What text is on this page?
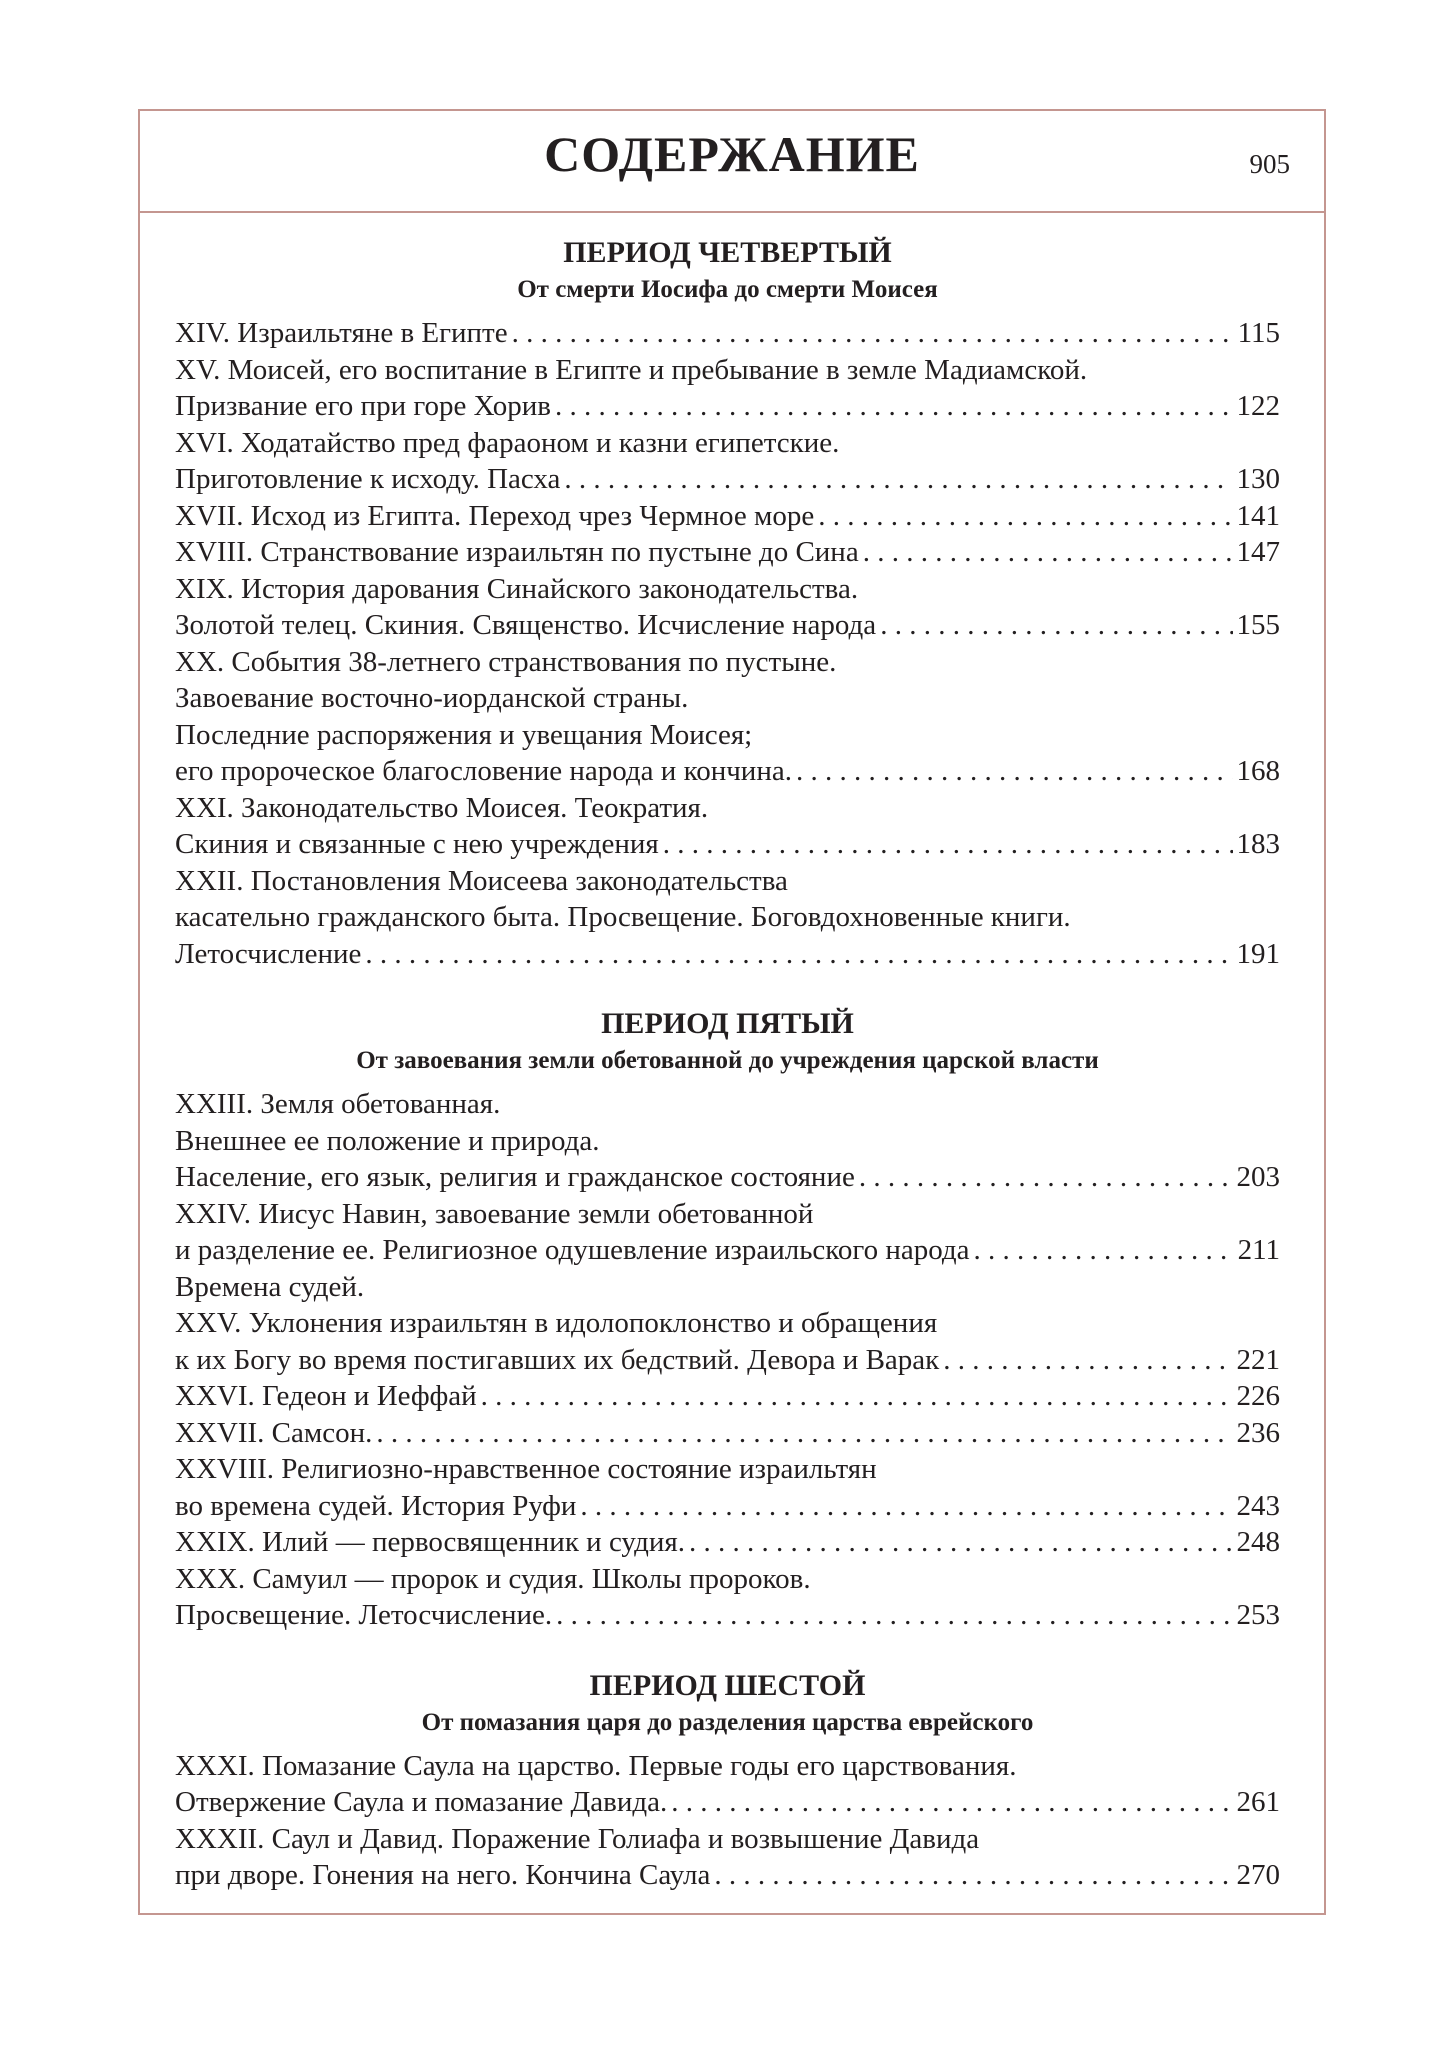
СОДЕРЖАНИЕ	905

ПЕРИОД ЧЕТВЕРТЫЙ

От смерти Иосифа до смерти Моисея

XIV. Израильтяне в Египте . . .	115
XV. Моисей, его воспитание в Египте и пребывание в земле Мадиамской.
Призвание его при горе Хорив . . .	122
XVI. Ходатайство пред фараоном и казни египетские.
Приготовление к исходу. Пасха . . .	130
XVII. Исход из Египта. Переход чрез Чермное море . . .	141
XVIII. Странствование израильтян по пустыне до Сина . . .	147
XIX. История дарования Синайского законодательства.
Золотой телец. Скиния. Священство. Исчисление народа . . .	155
XX. События 38-летнего странствования по пустыне.
Завоевание восточно-иорданской страны.
Последние распоряжения и увещания Моисея;
его пророческое благословение народа и кончина. . . .	168
XXI. Законодательство Моисея. Теократия.
Скиния и связанные с нею учреждения . . .	183
XXII. Постановления Моисеева законодательства
касательно гражданского быта. Просвещение. Боговдохновенные книги.
Летосчисление . . .	191

ПЕРИОД ПЯТЫЙ

От завоевания земли обетованной до учреждения царской власти

XXIII. Земля обетованная.
Внешнее ее положение и природа.
Население, его язык, религия и гражданское состояние . . .	203
XXIV. Иисус Навин, завоевание земли обетованной
и разделение ее. Религиозное одушевление израильского народа . . .	211
Времена судей.
XXV. Уклонения израильтян в идолопоклонство и обращения
к их Богу во время постигавших их бедствий. Девора и Варак . . .	221
XXVI. Гедеон и Иеффай . . .	226
XXVII. Самсон. . . .	236
XXVIII. Религиозно-нравственное состояние израильтян
во времена судей. История Руфи . . .	243
XXIX. Илий — первосвященник и судия. . . .	248
XXX. Самуил — пророк и судия. Школы пророков.
Просвещение. Летосчисление. . . .	253

ПЕРИОД ШЕСТОЙ

От помазания царя до разделения царства еврейского

XXXI. Помазание Саула на царство. Первые годы его царствования.
Отвержение Саула и помазание Давида. . . .	261
XXXII. Саул и Давид. Поражение Голиафа и возвышение Давида
при дворе. Гонения на него. Кончина Саула . . .	270
